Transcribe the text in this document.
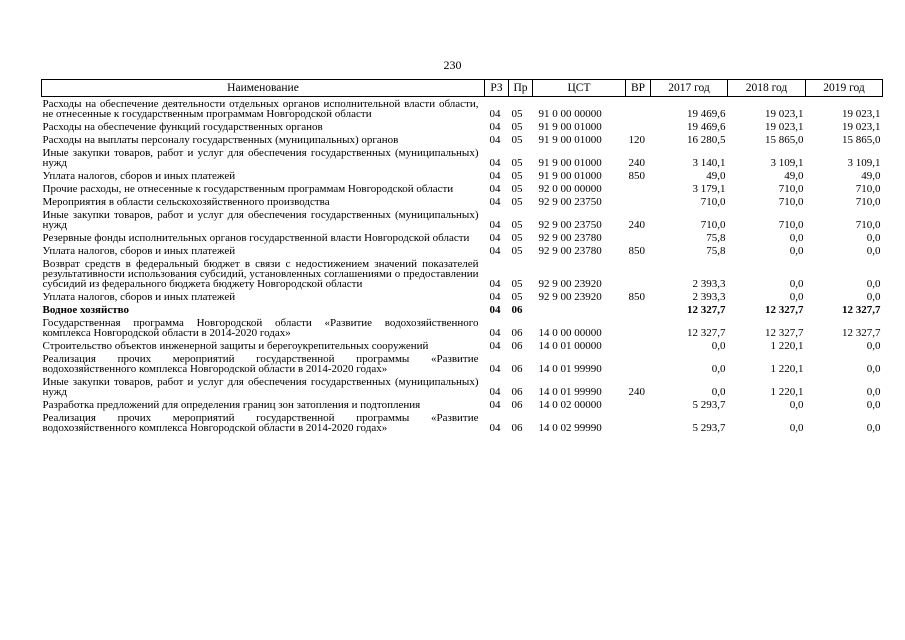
230
Наименование	РЗ	Пр	ЦСТ	ВР	2017 год	2018 год	2019 год
Расходы на обеспечение деятельности отдельных органов исполнительной власти области, не отнесенные к государственным программам Новгородской области	04	05	91 0 00 00000		19 469,6	19 023,1	19 023,1
Расходы на обеспечение функций государственных органов	04	05	91 9 00 01000		19 469,6	19 023,1	19 023,1
Расходы на выплаты персоналу государственных (муниципальных) органов	04	05	91 9 00 01000	120	16 280,5	15 865,0	15 865,0
Иные закупки товаров, работ и услуг для обеспечения государственных (муниципальных) нужд	04	05	91 9 00 01000	240	3 140,1	3 109,1	3 109,1
Уплата налогов, сборов и иных платежей	04	05	91 9 00 01000	850	49,0	49,0	49,0
Прочие расходы, не отнесенные к государственным программам Новгородской области	04	05	92 0 00 00000		3 179,1	710,0	710,0
Мероприятия в области сельскохозяйственного производства	04	05	92 9 00 23750		710,0	710,0	710,0
Иные закупки товаров, работ и услуг для обеспечения государственных (муниципальных) нужд	04	05	92 9 00 23750	240	710,0	710,0	710,0
Резервные фонды исполнительных органов государственной власти Новгородской области	04	05	92 9 00 23780		75,8	0,0	0,0
Уплата налогов, сборов и иных платежей	04	05	92 9 00 23780	850	75,8	0,0	0,0
Возврат средств в федеральный бюджет в связи с недостижением значений показателей результативности использования субсидий, установленных соглашениями о предоставлении субсидий из федерального бюджета бюджету Новгородской области	04	05	92 9 00 23920		2 393,3	0,0	0,0
Уплата налогов, сборов и иных платежей	04	05	92 9 00 23920	850	2 393,3	0,0	0,0
Водное хозяйство	04	06			12 327,7	12 327,7	12 327,7
Государственная программа Новгородской области «Развитие водохозяйственного комплекса Новгородской области в 2014-2020 годах»	04	06	14 0 00 00000		12 327,7	12 327,7	12 327,7
Строительство объектов инженерной защиты и берегоукрепительных сооружений	04	06	14 0 01 00000		0,0	1 220,1	0,0
Реализация прочих мероприятий государственной программы «Развитие водохозяйственного комплекса Новгородской области в 2014-2020 годах»	04	06	14 0 01 99990		0,0	1 220,1	0,0
Иные закупки товаров, работ и услуг для обеспечения государственных (муниципальных) нужд	04	06	14 0 01 99990	240	0,0	1 220,1	0,0
Разработка предложений для определения границ зон затопления и подтопления	04	06	14 0 02 00000		5 293,7	0,0	0,0
Реализация прочих мероприятий государственной программы «Развитие водохозяйственного комплекса Новгородской области в 2014-2020 годах»	04	06	14 0 02 99990		5 293,7	0,0	0,0
